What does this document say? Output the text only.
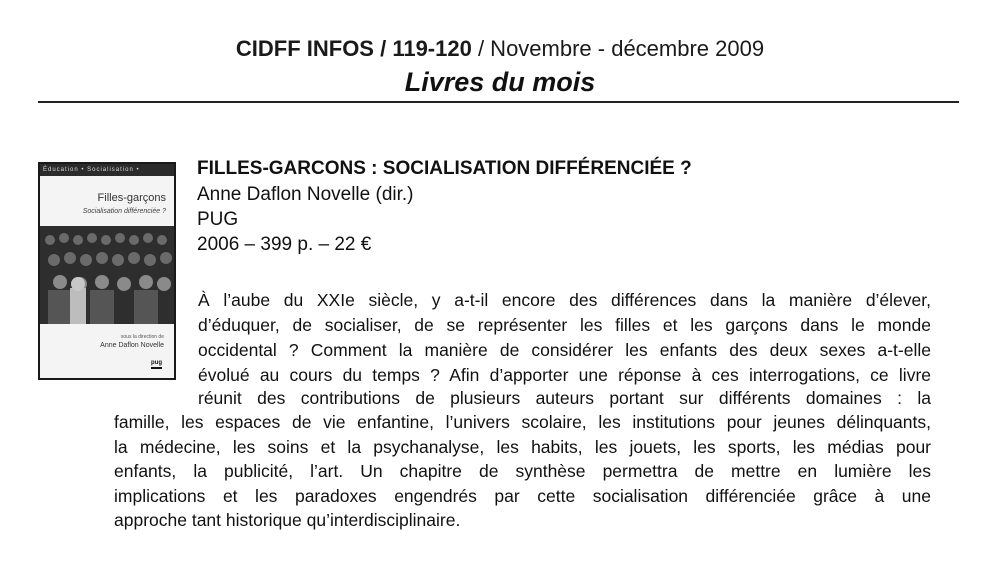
CIDFF INFOS / 119-120 / Novembre - décembre 2009
Livres du mois
Éducation • Socialisation •
Filles-garçons
Socialisation différenciée ?
sous la direction de
Anne Daflon Novelle
pug
FILLES-GARCONS : SOCIALISATION DIFFÉRENCIÉE ?
Anne Daflon Novelle (dir.)
PUG
2006 – 399 p. – 22 €
À l’aube du XXIe siècle, y a-t-il encore des différences dans la manière d’élever,
d’éduquer, de socialiser, de se représenter les filles et les garçons dans le monde
occidental ? Comment la manière de considérer les enfants des deux sexes a-t-elle
évolué au cours du temps ? Afin d’apporter une réponse à ces interrogations, ce livre
réunit des contributions de plusieurs auteurs portant sur différents domaines : la
famille, les espaces de vie enfantine, l’univers scolaire, les institutions pour jeunes délinquants,
la médecine, les soins et la psychanalyse, les habits, les jouets, les sports, les médias pour
enfants, la publicité, l’art. Un chapitre de synthèse permettra de mettre en lumière les
implications et les paradoxes engendrés par cette socialisation différenciée grâce à une
approche tant historique qu’interdisciplinaire.
